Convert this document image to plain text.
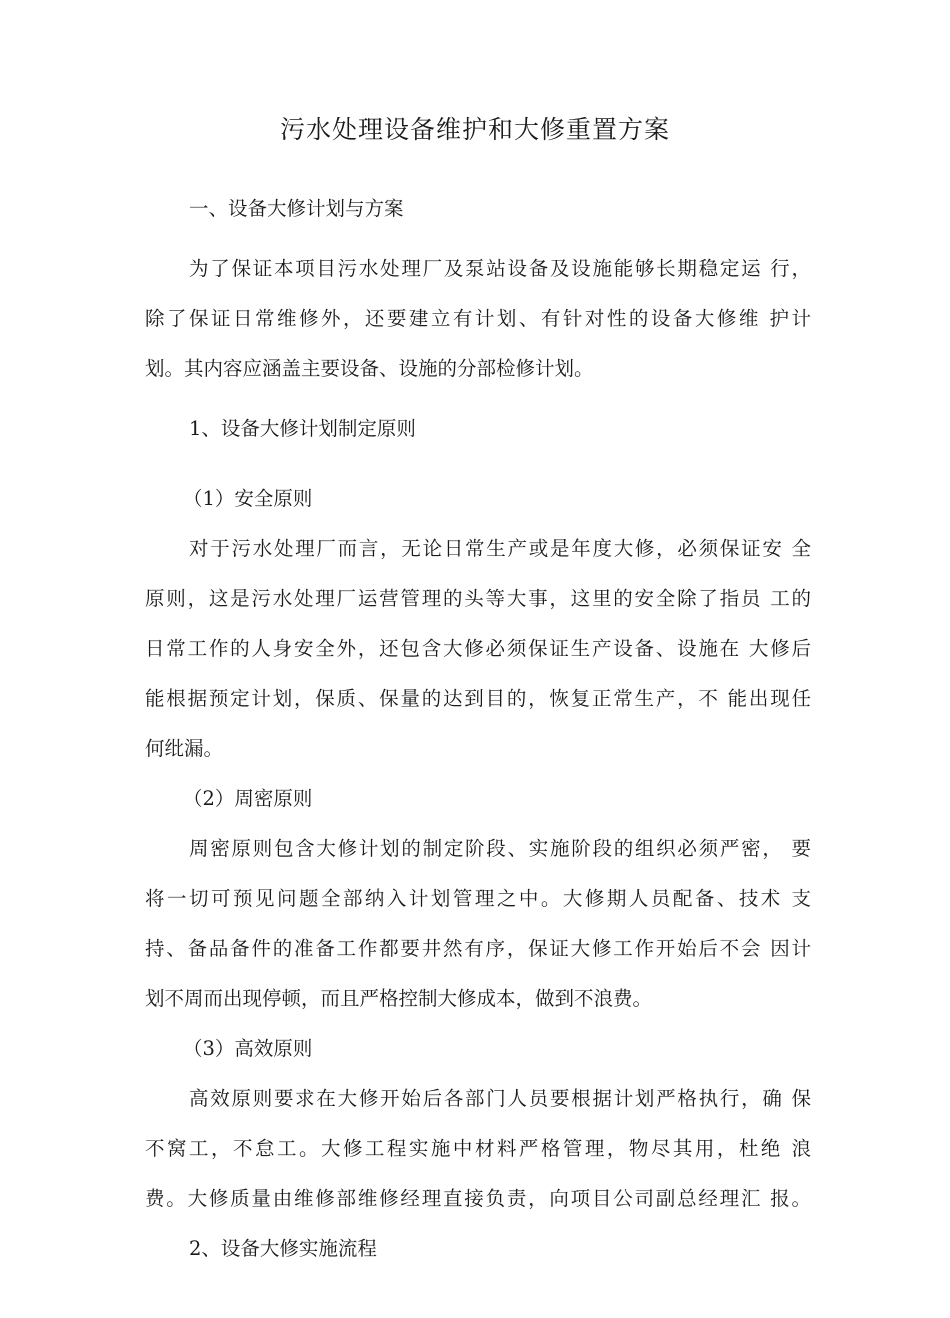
污水处理设备维护和大修重置方案
一、设备大修计划与方案
为了保证本项目污水处理厂及泵站设备及设施能够长期稳定运 行，
除了保证日常维修外，还要建立有计划、有针对性的设备大修维 护计
划。其内容应涵盖主要设备、设施的分部检修计划。
1、设备大修计划制定原则
（1）安全原则
对于污水处理厂而言，无论日常生产或是年度大修，必须保证安 全
原则，这是污水处理厂运营管理的头等大事，这里的安全除了指员 工的
日常工作的人身安全外，还包含大修必须保证生产设备、设施在 大修后
能根据预定计划，保质、保量的达到目的，恢复正常生产，不 能出现任
何纰漏。
（2）周密原则
周密原则包含大修计划的制定阶段、实施阶段的组织必须严密， 要
将一切可预见问题全部纳入计划管理之中。大修期人员配备、技术 支
持、备品备件的准备工作都要井然有序，保证大修工作开始后不会 因计
划不周而出现停顿，而且严格控制大修成本，做到不浪费。
（3）高效原则
高效原则要求在大修开始后各部门人员要根据计划严格执行，确 保
不窝工，不怠工。大修工程实施中材料严格管理，物尽其用，杜绝 浪
费。大修质量由维修部维修经理直接负责，向项目公司副总经理汇 报。
2、设备大修实施流程
